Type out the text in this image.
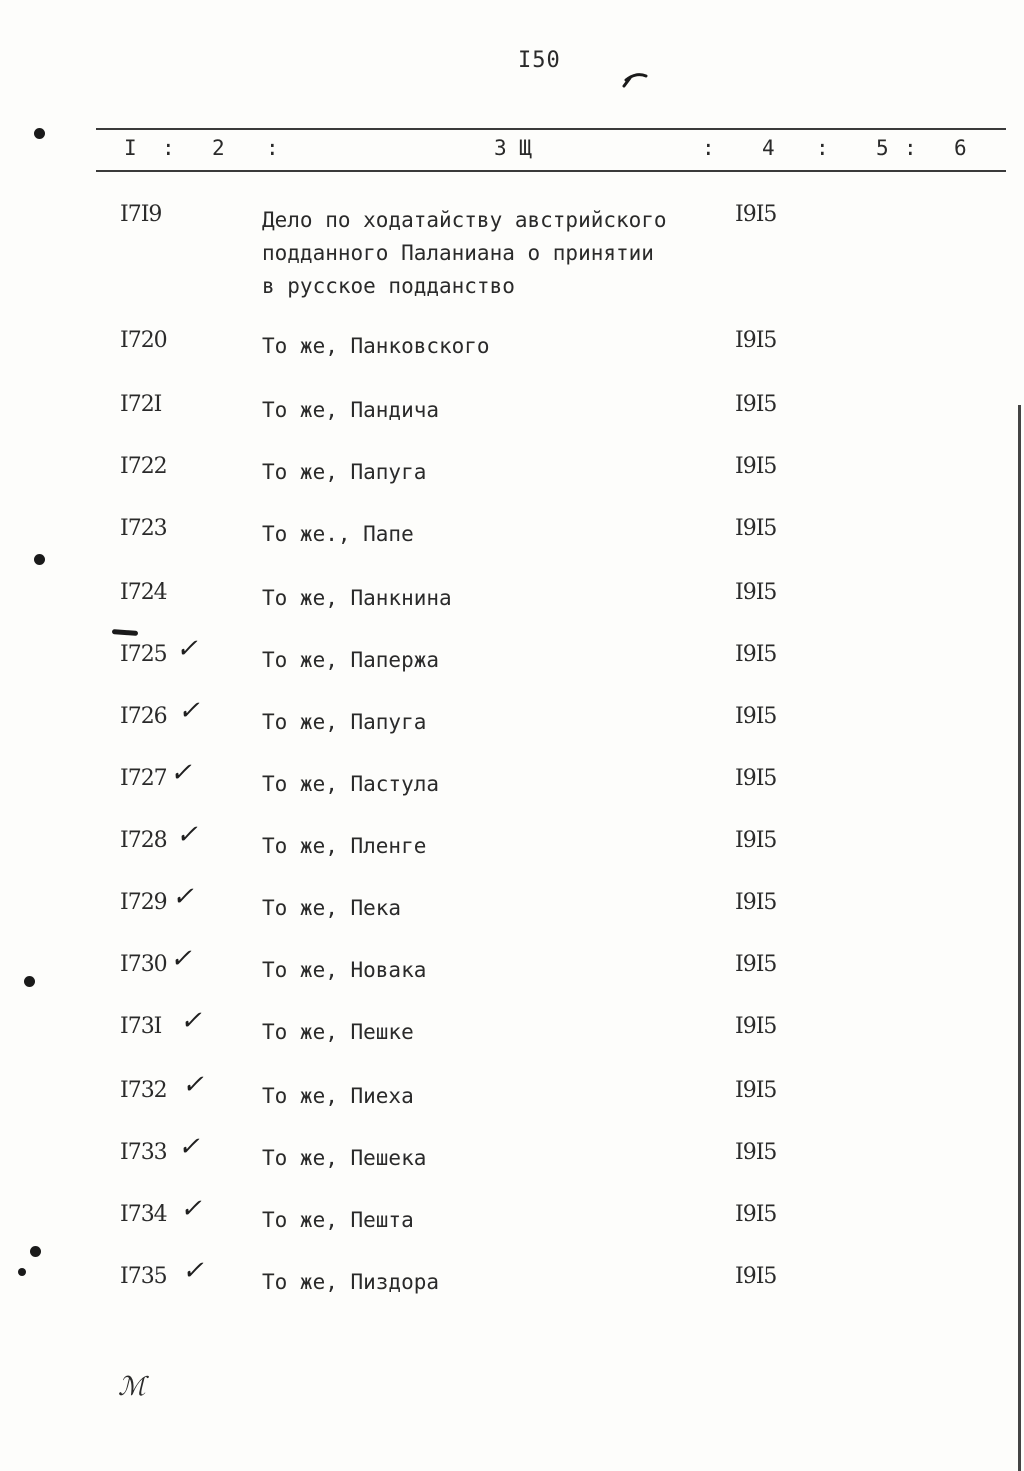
I50
I : 2 :	3 Щ	: 4 : 5 : 6
I7I9	Дело по ходатайству австрийского
подданного Паланиана о принятии
в русское подданство
I9I5
I720	То же, Панковского	I9I5
I72I	То же, Пандича	I9I5
I722	То же, Папуга	I9I5
I723	То же., Папе	I9I5
I724	То же, Панкнина	I9I5
I725 ✓	То же, Папержа	I9I5
I726 ✓	То же, Папуга	I9I5
I727 ✓	То же, Пастула	I9I5
I728 ✓	То же, Пленге	I9I5
I729 ✓	То же, Пека	I9I5
I730 ✓	То же, Новака	I9I5
I73I ✓	То же, Пешке	I9I5
I732 ✓	То же, Пиеха	I9I5
I733 ✓	То же, Пешека	I9I5
I734 ✓	То же, Пешта	I9I5
I735 ✓	То же, Пиздора	I9I5
ℳ
